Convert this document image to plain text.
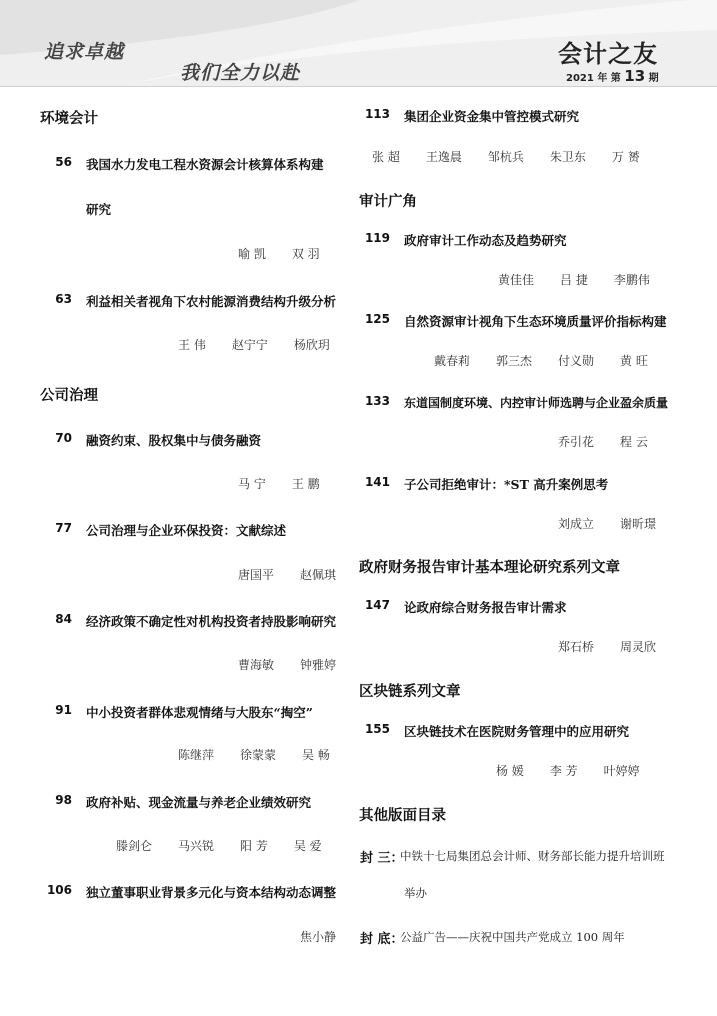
追求卓越
我们全力以赴
会计之友
2021 年 第 13 期
环境会计
56 我国水力发电工程水资源会计核算体系构建
研究
喻 凯 双 羽
63 利益相关者视角下农村能源消费结构升级分析
王 伟 赵宁宁 杨欣玥
公司治理
70 融资约束、股权集中与债务融资
马 宁 王 鹏
77 公司治理与企业环保投资：文献综述
唐国平 赵佩琪
84 经济政策不确定性对机构投资者持股影响研究
曹海敏 钟雅婷
91 中小投资者群体悲观情绪与大股东“掏空”
陈继萍 徐蒙蒙 吴 畅
98 政府补贴、现金流量与养老企业绩效研究
滕剑仑 马兴锐 阳 芳 吴 爱
106 独立董事职业背景多元化与资本结构动态调整
焦小静
113 集团企业资金集中管控模式研究
张 超 王逸晨 邹杭兵 朱卫东 万 赟
审计广角
119 政府审计工作动态及趋势研究
黄佳佳 吕 捷 李鹏伟
125 自然资源审计视角下生态环境质量评价指标构建
戴春莉 郭三杰 付义勋 黄 旺
133 东道国制度环境、内控审计师选聘与企业盈余质量
乔引花 程 云
141 子公司拒绝审计：*ST 高升案例思考
刘成立 谢昕璟
政府财务报告审计基本理论研究系列文章
147 论政府综合财务报告审计需求
郑石桥 周灵欣
区块链系列文章
155 区块链技术在医院财务管理中的应用研究
杨 媛 李 芳 叶婷婷
其他版面目录
封 三：
中铁十七局集团总会计师、财务部长能力提升培训班
举办
封 底：
公益广告——庆祝中国共产党成立 100 周年
